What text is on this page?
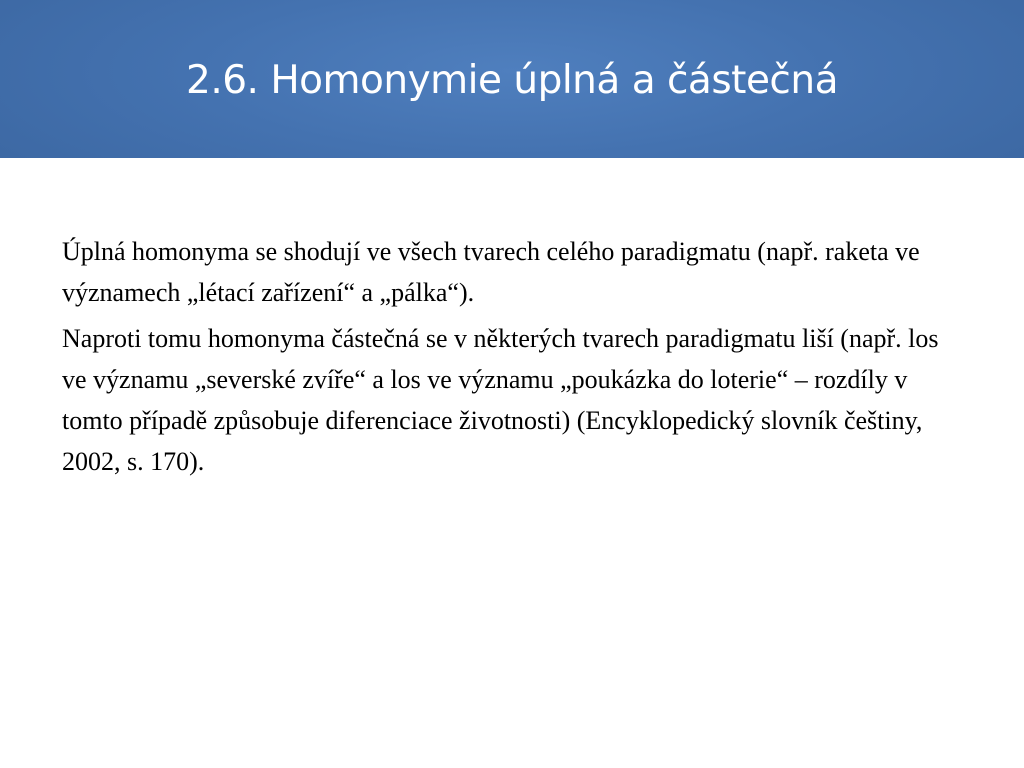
2.6. Homonymie úplná a částečná

Úplná homonyma se shodují ve všech tvarech celého paradigmatu (např. raketa ve významech „létací zařízení“ a „pálka“).

Naproti tomu homonyma částečná se v některých tvarech paradigmatu liší (např. los ve významu „severské zvíře“ a los ve významu „poukázka do loterie“ – rozdíly v tomto případě způsobuje diferenciace životnosti) (Encyklopedický slovník češtiny, 2002, s. 170).
